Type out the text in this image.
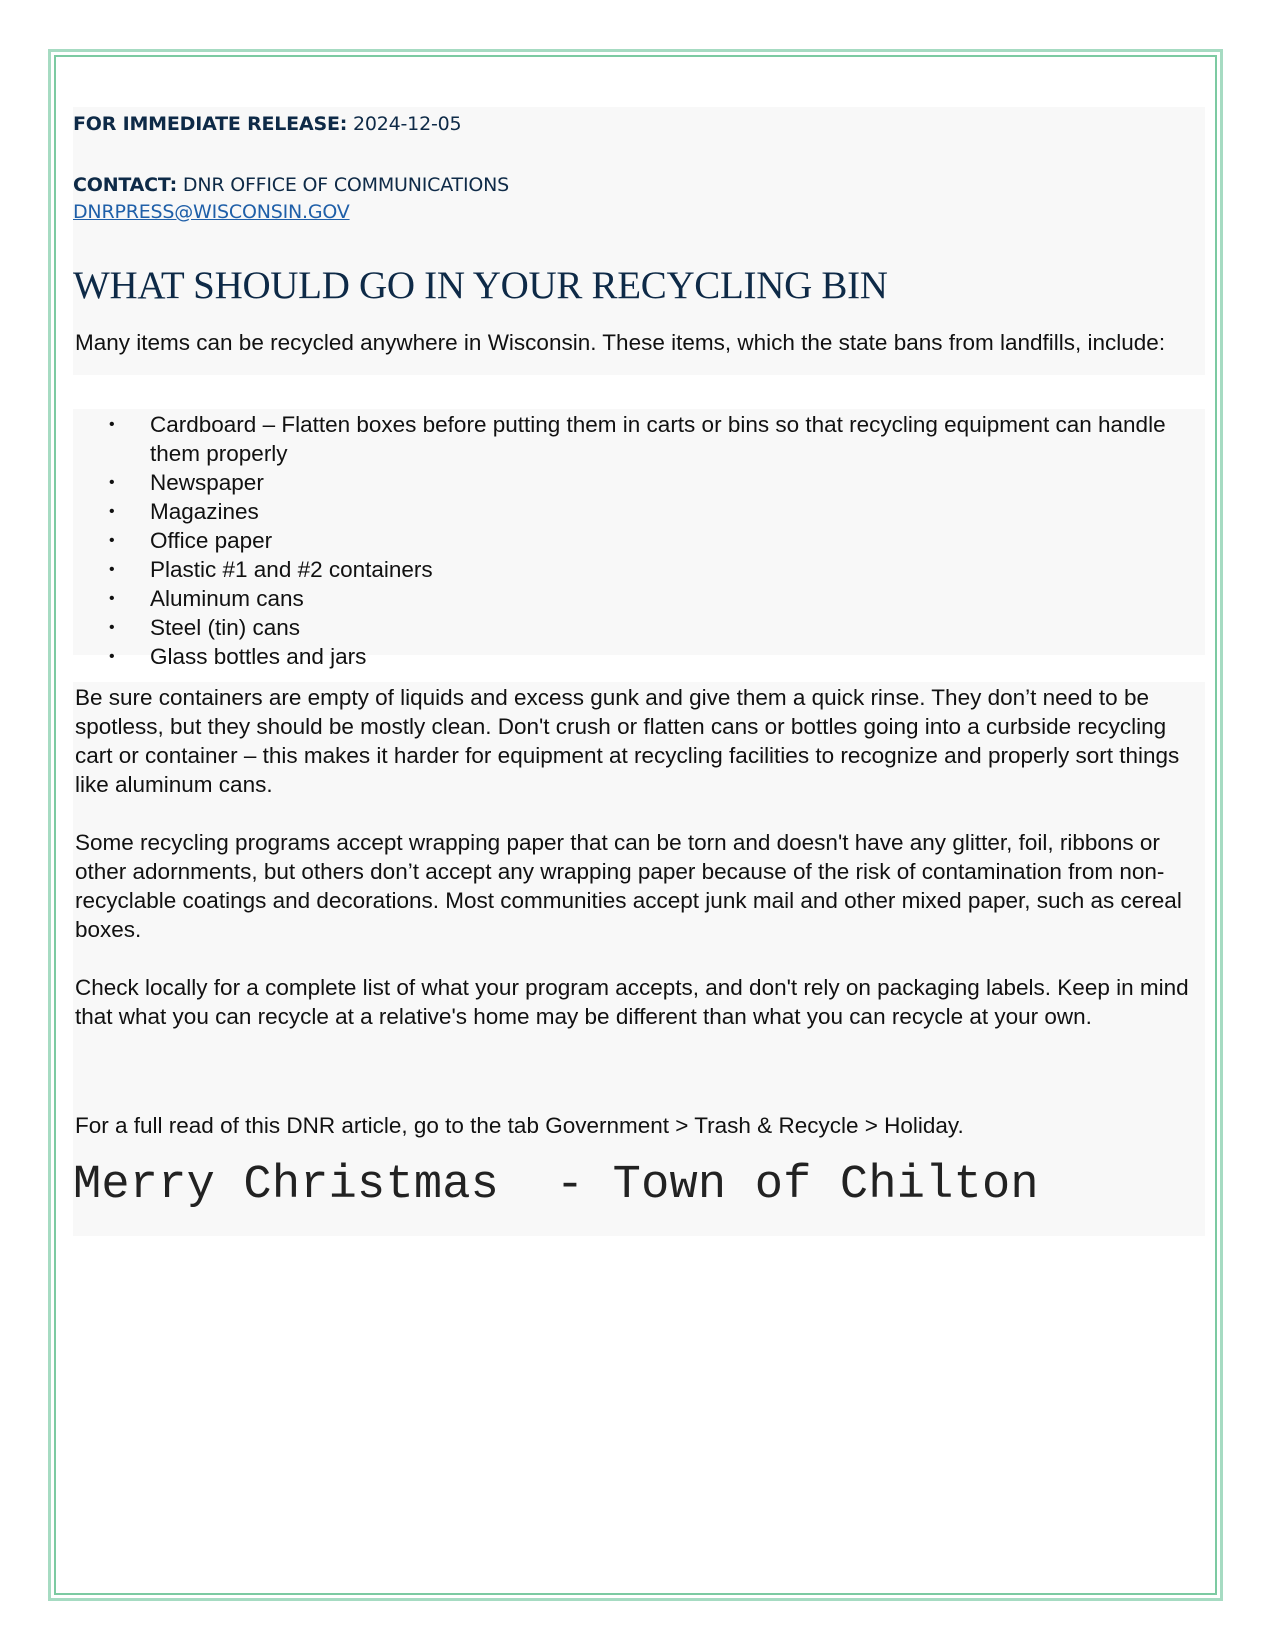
FOR IMMEDIATE RELEASE: 2024-12-05
CONTACT: DNR OFFICE OF COMMUNICATIONS
DNRPRESS@WISCONSIN.GOV
WHAT SHOULD GO IN YOUR RECYCLING BIN

Many items can be recycled anywhere in Wisconsin. These items, which the state bans from landfills, include:

• Cardboard – Flatten boxes before putting them in carts or bins so that recycling equipment can handle them properly
• Newspaper
• Magazines
• Office paper
• Plastic #1 and #2 containers
• Aluminum cans
• Steel (tin) cans
• Glass bottles and jars

Be sure containers are empty of liquids and excess gunk and give them a quick rinse. They don’t need to be spotless, but they should be mostly clean. Don't crush or flatten cans or bottles going into a curbside recycling cart or container – this makes it harder for equipment at recycling facilities to recognize and properly sort things like aluminum cans.

Some recycling programs accept wrapping paper that can be torn and doesn't have any glitter, foil, ribbons or other adornments, but others don’t accept any wrapping paper because of the risk of contamination from non-recyclable coatings and decorations. Most communities accept junk mail and other mixed paper, such as cereal boxes.

Check locally for a complete list of what your program accepts, and don't rely on packaging labels. Keep in mind that what you can recycle at a relative's home may be different than what you can recycle at your own.

For a full read of this DNR article, go to the tab Government > Trash & Recycle > Holiday.

Merry Christmas  - Town of Chilton
